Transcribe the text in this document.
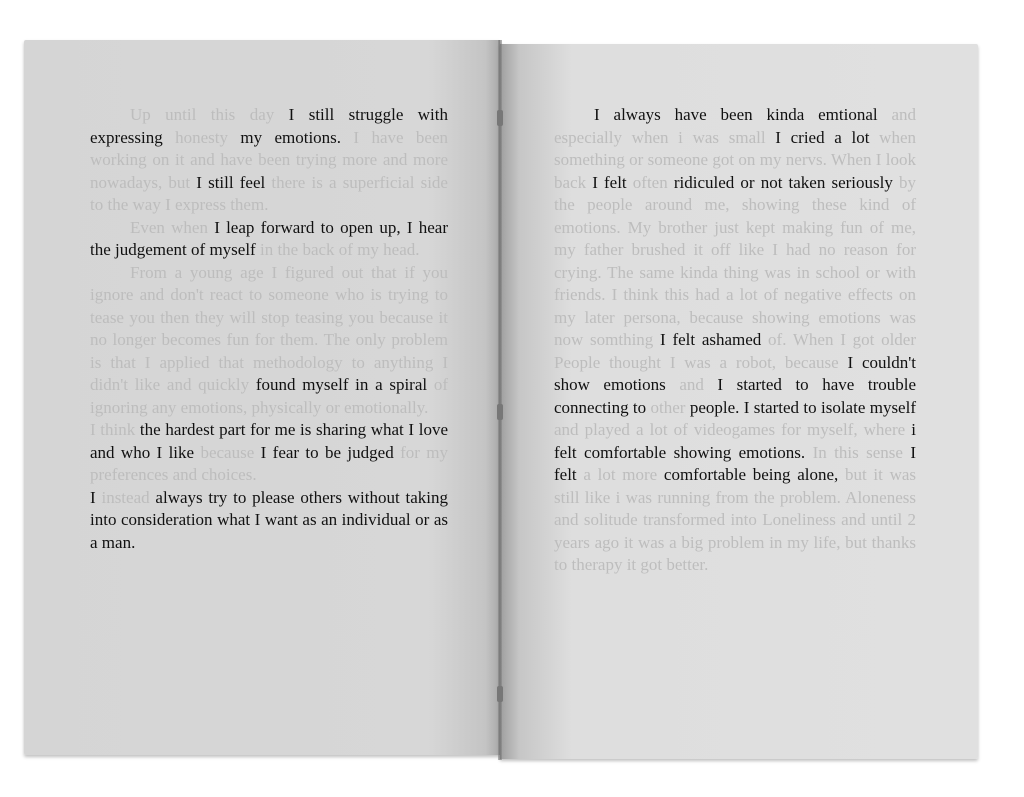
Up until this day I still struggle with expressing honesty my emotions. I have been working on it and have been trying more and more nowadays, but I still feel there is a superficial side to the way I express them.

Even when I leap forward to open up, I hear the judgement of myself in the back of my head.

From a young age I figured out that if you ignore and don't react to someone who is trying to tease you then they will stop teasing you because it no longer becomes fun for them. The only problem is that I applied that methodology to anything I didn't like and quickly found myself in a spiral of ignoring any emotions, physically or emotionally.

I think the hardest part for me is sharing what I love and who I like because I fear to be judged for my preferences and choices.

I instead always try to please others without taking into consideration what I want as an individual or as a man.

I always have been kinda emtional and especially when i was small I cried a lot when something or someone got on my nervs. When I look back I felt often ridiculed or not taken seriously by the people around me, showing these kind of emotions. My brother just kept making fun of me, my father brushed it off like I had no reason for crying. The same kinda thing was in school or with friends. I think this had a lot of negative effects on my later persona, because showing emotions was now somthing I felt ashamed of. When I got older People thought I was a robot, because I couldn't show emotions and I started to have trouble connecting to other people. I started to isolate myself and played a lot of videogames for myself, where i felt comfortable showing emotions. In this sense I felt a lot more comfortable being alone, but it was still like i was running from the problem. Aloneness and solitude transformed into Loneliness and until 2 years ago it was a big problem in my life, but thanks to therapy it got better.
